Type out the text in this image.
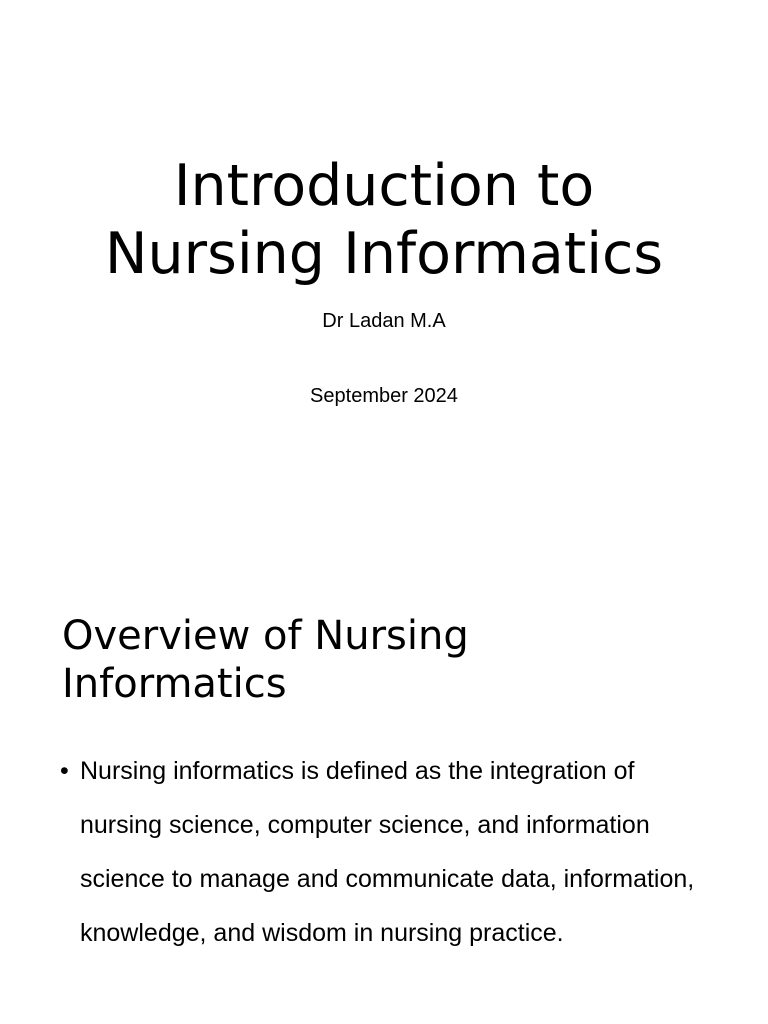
Introduction to
Nursing Informatics

Dr Ladan M.A

September 2024

Overview of Nursing
Informatics
• Nursing informatics is defined as the integration of nursing science, computer science, and information science to manage and communicate data, information, knowledge, and wisdom in nursing practice.
